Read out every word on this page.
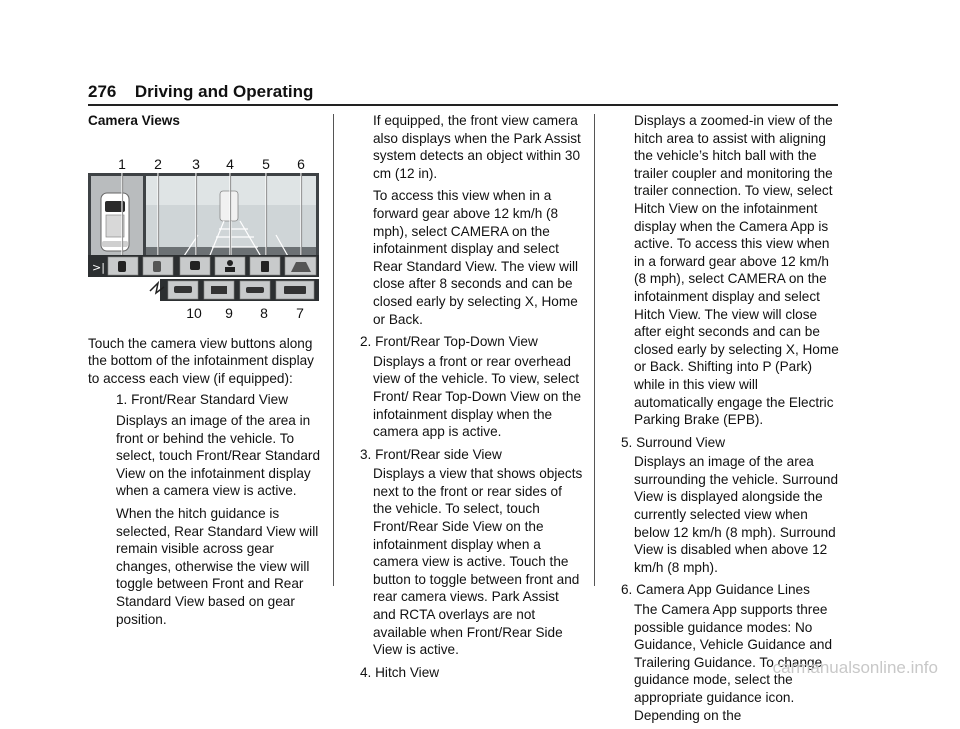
276 Driving and Operating
Camera Views
1 2 3 4 5 6
>|
10 9 8 7

Touch the camera view buttons along the bottom of the infotainment display to access each view (if equipped):

1. Front/Rear Standard View

Displays an image of the area in front or behind the vehicle. To select, touch Front/Rear Standard View on the infotainment display when a camera view is active.

When the hitch guidance is selected, Rear Standard View will remain visible across gear changes, otherwise the view will toggle between Front and Rear Standard View based on gear position.

If equipped, the front view camera also displays when the Park Assist system detects an object within 30 cm (12 in).

To access this view when in a forward gear above 12 km/h (8 mph), select CAMERA on the infotainment display and select Rear Standard View. The view will close after 8 seconds and can be closed early by selecting X, Home or Back.

2. Front/Rear Top-Down View

Displays a front or rear overhead view of the vehicle. To view, select Front/ Rear Top-Down View on the infotainment display when the camera app is active.

3. Front/Rear side View

Displays a view that shows objects next to the front or rear sides of the vehicle. To select, touch Front/Rear Side View on the infotainment display when a camera view is active. Touch the button to toggle between front and rear camera views. Park Assist and RCTA overlays are not available when Front/Rear Side View is active.

4. Hitch View

Displays a zoomed-in view of the hitch area to assist with aligning the vehicle’s hitch ball with the trailer coupler and monitoring the trailer connection. To view, select Hitch View on the infotainment display when the Camera App is active. To access this view when in a forward gear above 12 km/h (8 mph), select CAMERA on the infotainment display and select Hitch View. The view will close after eight seconds and can be closed early by selecting X, Home or Back. Shifting into P (Park) while in this view will automatically engage the Electric Parking Brake (EPB).

5. Surround View

Displays an image of the area surrounding the vehicle. Surround View is displayed alongside the currently selected view when below 12 km/h (8 mph). Surround View is disabled when above 12 km/h (8 mph).

6. Camera App Guidance Lines

The Camera App supports three possible guidance modes: No Guidance, Vehicle Guidance and Trailering Guidance. To change guidance mode, select the appropriate guidance icon. Depending on the

carmanualsonline.info
